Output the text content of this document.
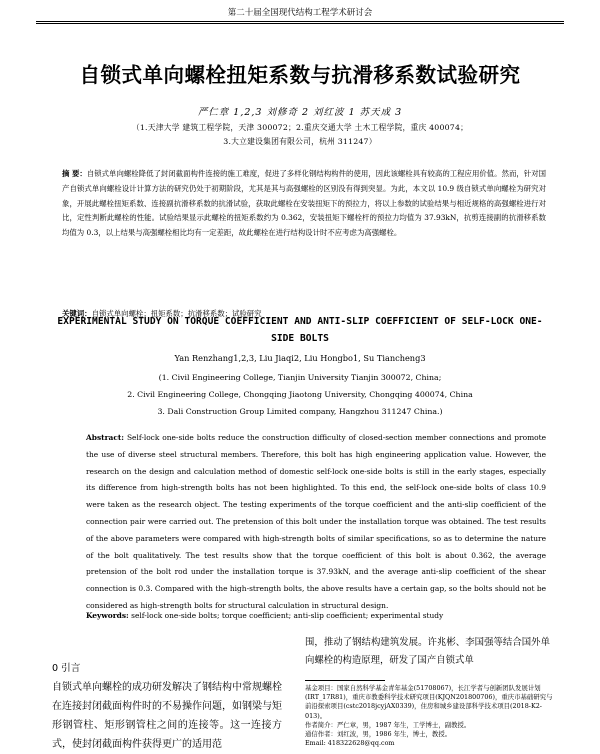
第二十届全国现代结构工程学术研讨会
自锁式单向螺栓扭矩系数与抗滑移系数试验研究
严仁章 1,2,3 刘修奇 2 刘红波 1 苏天成 3
（1.天津大学 建筑工程学院，天津 300072；2.重庆交通大学 土木工程学院，重庆 400074；
3.大立建设集团有限公司，杭州 311247）
摘 要：自锁式单向螺栓降低了封闭截面构件连接的施工难度，促进了多样化钢结构构件的使用，因此该螺栓具有较高的工程应用价值。然而，针对国产自锁式单向螺栓设计计算方法的研究仍处于初期阶段，尤其是其与高强螺栓的区别没有得到突显。为此，本文以 10.9 级自锁式单向螺栓为研究对象，开展此螺栓扭矩系数、连接副抗滑移系数的抗滑试验，获取此螺栓在安装扭矩下的预拉力，将以上参数的试验结果与相近规格的高强螺栓进行对比，定性判断此螺栓的性能。试验结果显示此螺栓的扭矩系数约为 0.362，安装扭矩下螺栓杆的预拉力均值为 37.93kN，抗剪连接副的抗滑移系数均值为 0.3，以上结果与高强螺栓相比均有一定差距，故此螺栓在进行结构设计时不应考虑为高强螺栓。
关键词：自锁式单向螺栓；扭矩系数；抗滑移系数；试验研究
EXPERIMENTAL STUDY ON TORQUE COEFFICIENT AND ANTI-SLIP COEFFICIENT OF SELF-LOCK ONE-SIDE BOLTS
Yan Renzhang1,2,3, Liu Jiaqi2, Liu Hongbo1, Su Tiancheng3
(1. Civil Engineering College, Tianjin University Tianjin 300072, China;
2. Civil Engineering College, Chongqing Jiaotong University, Chongqing 400074, China
3. Dali Construction Group Limited company, Hangzhou 311247 China.)
Abstract: Self-lock one-side bolts reduce the construction difficulty of closed-section member connections and promote the use of diverse steel structural members. Therefore, this bolt has high engineering application value. However, the research on the design and calculation method of domestic self-lock one-side bolts is still in the early stages, especially its difference from high-strength bolts has not been highlighted. To this end, the self-lock one-side bolts of class 10.9 were taken as the research object. The testing experiments of the torque coefficient and the anti-slip coefficient of the connection pair were carried out. The pretension of this bolt under the installation torque was obtained. The test results of the above parameters were compared with high-strength bolts of similar specifications, so as to determine the nature of the bolt qualitatively. The test results show that the torque coefficient of this bolt is about 0.362, the average pretension of the bolt rod under the installation torque is 37.93kN, and the average anti-slip coefficient of the shear connection is 0.3. Compared with the high-strength bolts, the above results have a certain gap, so the bolts should not be considered as high-strength bolts for structural calculation in structural design.
Keywords: self-lock one-side bolts; torque coefficient; anti-slip coefficient; experimental study
0 引言
自锁式单向螺栓的成功研发解决了钢结构中常规螺栓在连接封闭截面构件时的不易操作问题，如钢梁与矩形钢管柱、矩形钢管柱之间的连接等。这一连接方式，使封闭截面构件获得更广的适用范
围，推动了钢结构建筑发展。许兆彬、李国强等结合国外单向螺栓的构造原理，研发了国产自锁式单
基金项目：国家自然科学基金青年基金(51708067)，长江学者与创新团队发展计划(IRT_17R81)，重庆市教委科学技术研究项目(KJQN201800706)，重庆市基础研究与前沿探索项目(cstc2018jcyjAX0339)，住房和城乡建设部科学技术项目(2018-K2-013)。
作者简介：严仁章，男，1987 年生，工学博士，副教授。
通信作者：刘红波，男，1986 年生，博士，教授。
Email: 418322628@qq.com
